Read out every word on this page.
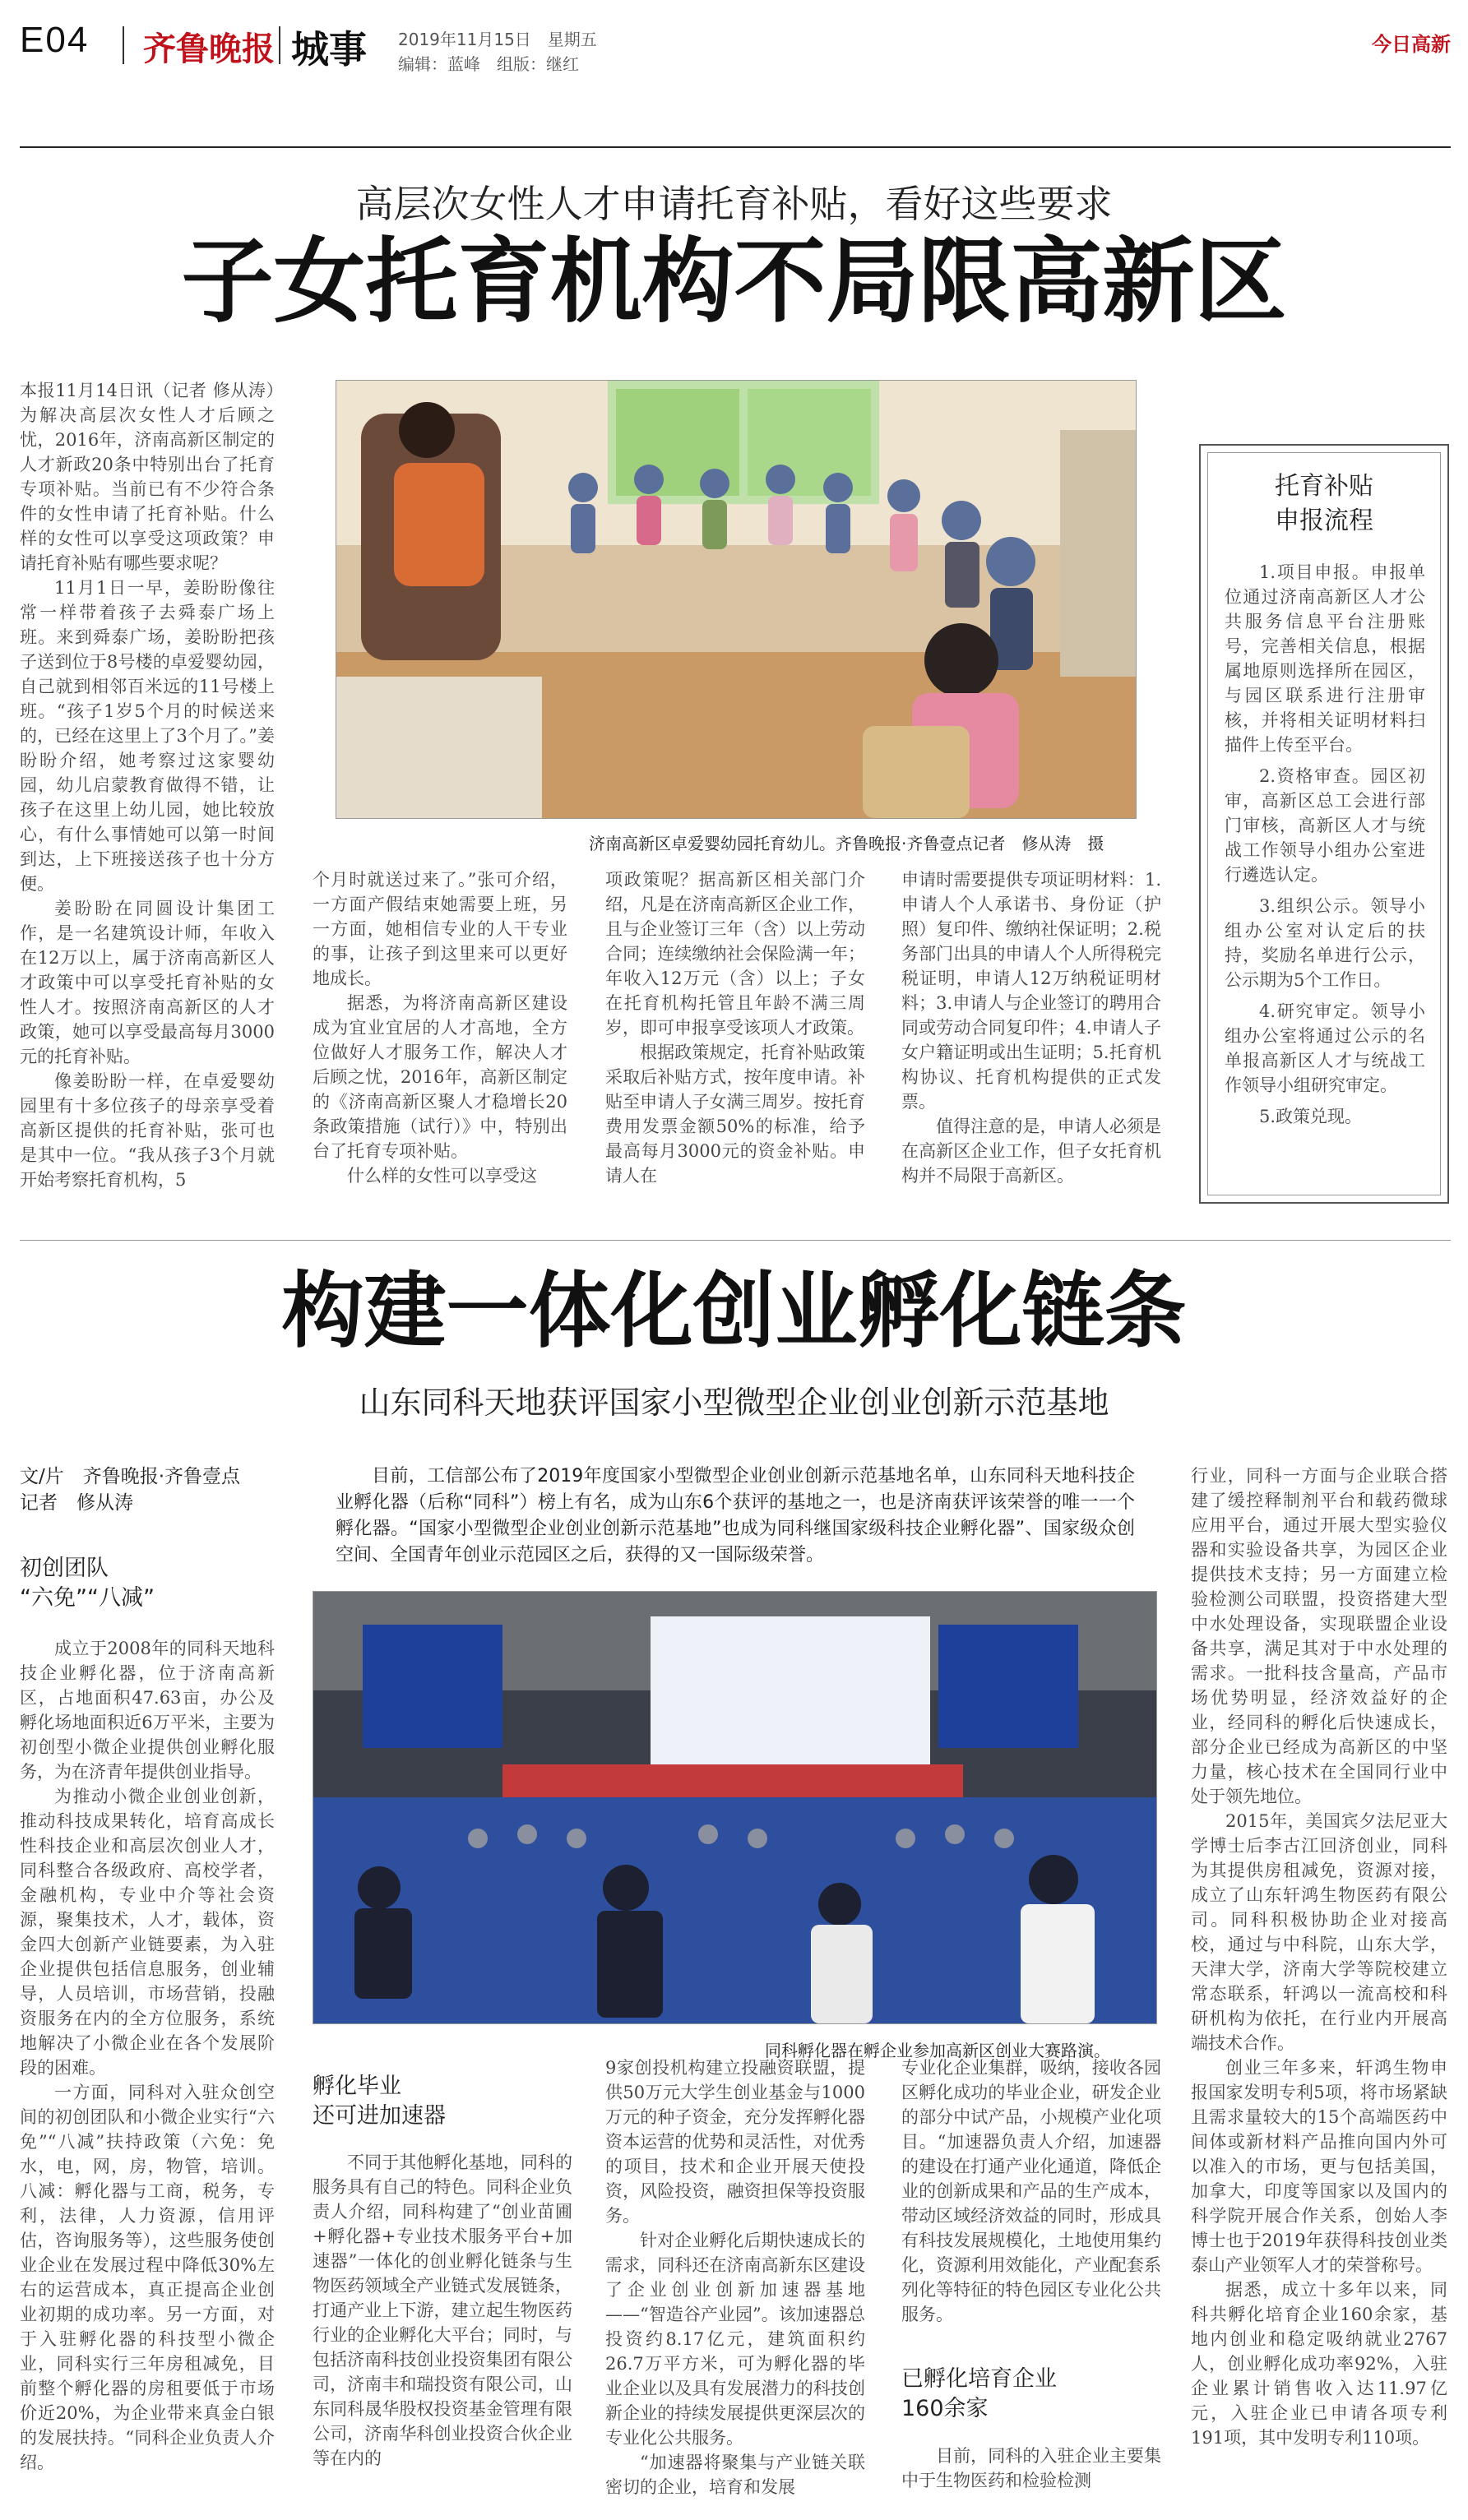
E04 齐鲁晚报 城事 2019年11月15日　星期五
编辑：蓝峰　组版：继红
今日高新
高层次女性人才申请托育补贴，看好这些要求
子女托育机构不局限高新区

本报11月14日讯（记者 修从涛）　为解决高层次女性人才后顾之忧，2016年，济南高新区制定的人才新政20条中特别出台了托育专项补贴。当前已有不少符合条件的女性申请了托育补贴。什么样的女性可以享受这项政策？申请托育补贴有哪些要求呢？

11月1日一早，姜盼盼像往常一样带着孩子去舜泰广场上班。来到舜泰广场，姜盼盼把孩子送到位于8号楼的卓爱婴幼园，自己就到相邻百米远的11号楼上班。“孩子1岁5个月的时候送来的，已经在这里上了3个月了。”姜盼盼介绍，她考察过这家婴幼园，幼儿启蒙教育做得不错，让孩子在这里上幼儿园，她比较放心，有什么事情她可以第一时间到达，上下班接送孩子也十分方便。

姜盼盼在同圆设计集团工作，是一名建筑设计师，年收入在12万以上，属于济南高新区人才政策中可以享受托育补贴的女性人才。按照济南高新区的人才政策，她可以享受最高每月3000元的托育补贴。

像姜盼盼一样，在卓爱婴幼园里有十多位孩子的母亲享受着高新区提供的托育补贴，张可也是其中一位。“我从孩子3个月就开始考察托育机构，5

济南高新区卓爱婴幼园托育幼儿。齐鲁晚报·齐鲁壹点记者　修从涛　摄

个月时就送过来了。”张可介绍，一方面产假结束她需要上班，另一方面，她相信专业的人干专业的事，让孩子到这里来可以更好地成长。

据悉，为将济南高新区建设成为宜业宜居的人才高地，全方位做好人才服务工作，解决人才后顾之忧，2016年，高新区制定的《济南高新区聚人才稳增长20条政策措施（试行）》中，特别出台了托育专项补贴。

什么样的女性可以享受这

项政策呢？据高新区相关部门介绍，凡是在济南高新区企业工作，且与企业签订三年（含）以上劳动合同；连续缴纳社会保险满一年；年收入12万元（含）以上；子女在托育机构托管且年龄不满三周岁，即可申报享受该项人才政策。

根据政策规定，托育补贴政策采取后补贴方式，按年度申请。补贴至申请人子女满三周岁。按托育费用发票金额50%的标准，给予最高每月3000元的资金补贴。申请人在

申请时需要提供专项证明材料：1.申请人个人承诺书、身份证（护照）复印件、缴纳社保证明；2.税务部门出具的申请人个人所得税完税证明，申请人12万纳税证明材料；3.申请人与企业签订的聘用合同或劳动合同复印件；4.申请人子女户籍证明或出生证明；5.托育机构协议、托育机构提供的正式发票。

值得注意的是，申请人必须是在高新区企业工作，但子女托育机构并不局限于高新区。

托育补贴
申报流程

1.项目申报。申报单位通过济南高新区人才公共服务信息平台注册账号，完善相关信息，根据属地原则选择所在园区，与园区联系进行注册审核，并将相关证明材料扫描件上传至平台。

2.资格审查。园区初审，高新区总工会进行部门审核，高新区人才与统战工作领导小组办公室进行遴选认定。

3.组织公示。领导小组办公室对认定后的扶持，奖励名单进行公示，公示期为5个工作日。

4.研究审定。领导小组办公室将通过公示的名单报高新区人才与统战工作领导小组研究审定。

5.政策兑现。

构建一体化创业孵化链条
山东同科天地获评国家小型微型企业创业创新示范基地
文/片　齐鲁晚报·齐鲁壹点
记者　修从涛

目前，工信部公布了2019年度国家小型微型企业创业创新示范基地名单，山东同科天地科技企业孵化器（后称“同科”）榜上有名，成为山东6个获评的基地之一，也是济南获评该荣誉的唯一一个孵化器。“国家小型微型企业创业创新示范基地”也成为同科继国家级科技企业孵化器”、国家级众创空间、全国青年创业示范园区之后，获得的又一国际级荣誉。

初创团队
“六免”“八减”

成立于2008年的同科天地科技企业孵化器，位于济南高新区，占地面积47.63亩，办公及孵化场地面积近6万平米，主要为初创型小微企业提供创业孵化服务，为在济青年提供创业指导。

为推动小微企业创业创新，推动科技成果转化，培育高成长性科技企业和高层次创业人才，同科整合各级政府、高校学者，金融机构，专业中介等社会资源，聚集技术，人才，载体，资金四大创新产业链要素，为入驻企业提供包括信息服务，创业辅导，人员培训，市场营销，投融资服务在内的全方位服务，系统地解决了小微企业在各个发展阶段的困难。

一方面，同科对入驻众创空间的初创团队和小微企业实行“六免”“八减”扶持政策（六免：免水，电，网，房，物管，培训。八减：孵化器与工商，税务，专利，法律，人力资源，信用评估，咨询服务等），这些服务使创业企业在发展过程中降低30%左右的运营成本，真正提高企业创业初期的成功率。另一方面，对于入驻孵化器的科技型小微企业，同科实行三年房租减免，目前整个孵化器的房租要低于市场价近20%，为企业带来真金白银的发展扶持。“同科企业负责人介绍。

同科孵化器在孵企业参加高新区创业大赛路演。
孵化毕业
还可进加速器

不同于其他孵化基地，同科的服务具有自己的特色。同科企业负责人介绍，同科构建了“创业苗圃+孵化器+专业技术服务平台+加速器”一体化的创业孵化链条与生物医药领域全产业链式发展链条，打通产业上下游，建立起生物医药行业的企业孵化大平台；同时，与包括济南科技创业投资集团有限公司，济南丰和瑞投资有限公司，山东同科晟华股权投资基金管理有限公司，济南华科创业投资合伙企业等在内的

9家创投机构建立投融资联盟，提供50万元大学生创业基金与1000万元的种子资金，充分发挥孵化器资本运营的优势和灵活性，对优秀的项目，技术和企业开展天使投资，风险投资，融资担保等投资服务。

针对企业孵化后期快速成长的需求，同科还在济南高新东区建设了企业创业创新加速器基地——“智造谷产业园”。该加速器总投资约8.17亿元，建筑面积约26.7万平方米，可为孵化器的毕业企业以及具有发展潜力的科技创新企业的持续发展提供更深层次的专业化公共服务。

“加速器将聚集与产业链关联密切的企业，培育和发展

专业化企业集群，吸纳，接收各园区孵化成功的毕业企业，研发企业的部分中试产品，小规模产业化项目。“加速器负责人介绍，加速器的建设在打通产业化通道，降低企业的创新成果和产品的生产成本，带动区域经济效益的同时，形成具有科技发展规模化，土地使用集约化，资源利用效能化，产业配套系列化等特征的特色园区专业化公共服务。

已孵化培育企业
160余家

目前，同科的入驻企业主要集中于生物医药和检验检测

行业，同科一方面与企业联合搭建了缓控释制剂平台和载药微球应用平台，通过开展大型实验仪器和实验设备共享，为园区企业提供技术支持；另一方面建立检验检测公司联盟，投资搭建大型中水处理设备，实现联盟企业设备共享，满足其对于中水处理的需求。一批科技含量高，产品市场优势明显，经济效益好的企业，经同科的孵化后快速成长，部分企业已经成为高新区的中坚力量，核心技术在全国同行业中处于领先地位。

2015年，美国宾夕法尼亚大学博士后李古江回济创业，同科为其提供房租减免，资源对接，成立了山东轩鸿生物医药有限公司。同科积极协助企业对接高校，通过与中科院，山东大学，天津大学，济南大学等院校建立常态联系，轩鸿以一流高校和科研机构为依托，在行业内开展高端技术合作。

创业三年多来，轩鸿生物申报国家发明专利5项，将市场紧缺且需求量较大的15个高端医药中间体或新材料产品推向国内外可以准入的市场，更与包括美国，加拿大，印度等国家以及国内的科学院开展合作关系，创始人李博士也于2019年获得科技创业类泰山产业领军人才的荣誉称号。

据悉，成立十多年以来，同科共孵化培育企业160余家，基地内创业和稳定吸纳就业2767人，创业孵化成功率92%，入驻企业累计销售收入达11.97亿元，入驻企业已申请各项专利191项，其中发明专利110项。
